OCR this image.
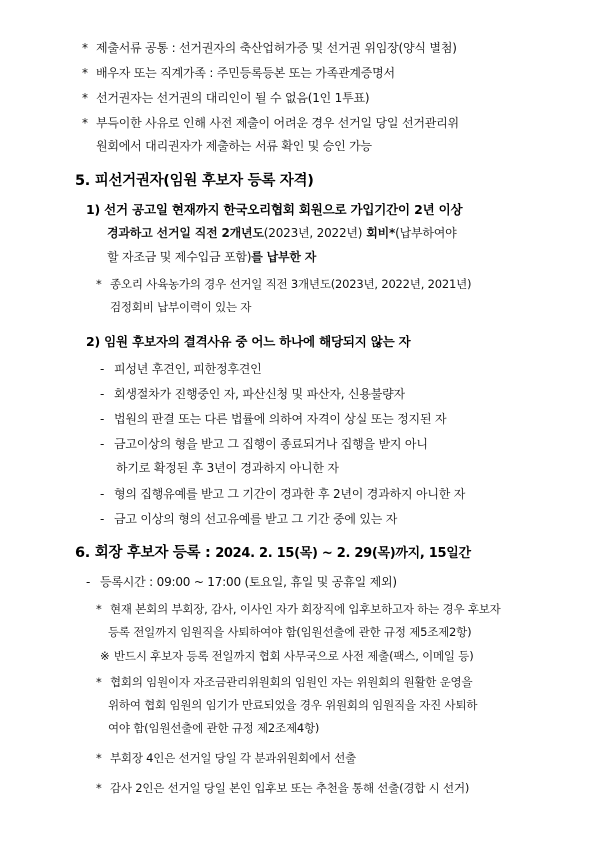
* 제출서류 공통 : 선거권자의 축산업허가증 및 선거권 위임장(양식 별첨)
* 배우자 또는 직계가족 : 주민등록등본 또는 가족관계증명서
* 선거권자는 선거권의 대리인이 될 수 없음(1인 1투표)
* 부득이한 사유로 인해 사전 제출이 어려운 경우 선거일 당일 선거관리위
원회에서 대리권자가 제출하는 서류 확인 및 승인 가능
5. 피선거권자(임원 후보자 등록 자격)
1) 선거 공고일 현재까지 한국오리협회 회원으로 가입기간이 2년 이상
경과하고 선거일 직전 2개년도(2023년, 2022년) 회비*(납부하여야
할 자조금 및 제수입금 포함)를 납부한 자
* 종오리 사육농가의 경우 선거일 직전 3개년도(2023년, 2022년, 2021년)
검정회비 납부이력이 있는 자
2) 임원 후보자의 결격사유 중 어느 하나에 해당되지 않는 자
- 피성년 후견인, 피한정후견인
- 회생절차가 진행중인 자, 파산신청 및 파산자, 신용불량자
- 법원의 판결 또는 다른 법률에 의하여 자격이 상실 또는 정지된 자
- 금고이상의 형을 받고 그 집행이 종료되거나 집행을 받지 아니
하기로 확정된 후 3년이 경과하지 아니한 자
- 형의 집행유예를 받고 그 기간이 경과한 후 2년이 경과하지 아니한 자
- 금고 이상의 형의 선고유예를 받고 그 기간 중에 있는 자
6. 회장 후보자 등록 : 2024. 2. 15(목) ~ 2. 29(목)까지, 15일간
- 등록시간 : 09:00 ~ 17:00 (토요일, 휴일 및 공휴일 제외)
* 현재 본회의 부회장, 감사, 이사인 자가 회장직에 입후보하고자 하는 경우 후보자
등록 전일까지 임원직을 사퇴하여야 함(임원선출에 관한 규정 제5조제2항)
※ 반드시 후보자 등록 전일까지 협회 사무국으로 사전 제출(팩스, 이메일 등)
* 협회의 임원이자 자조금관리위원회의 임원인 자는 위원회의 원활한 운영을
위하여 협회 임원의 임기가 만료되었을 경우 위원회의 임원직을 자진 사퇴하
여야 함(임원선출에 관한 규정 제2조제4항)
* 부회장 4인은 선거일 당일 각 분과위원회에서 선출
* 감사 2인은 선거일 당일 본인 입후보 또는 추천을 통해 선출(경합 시 선거)
